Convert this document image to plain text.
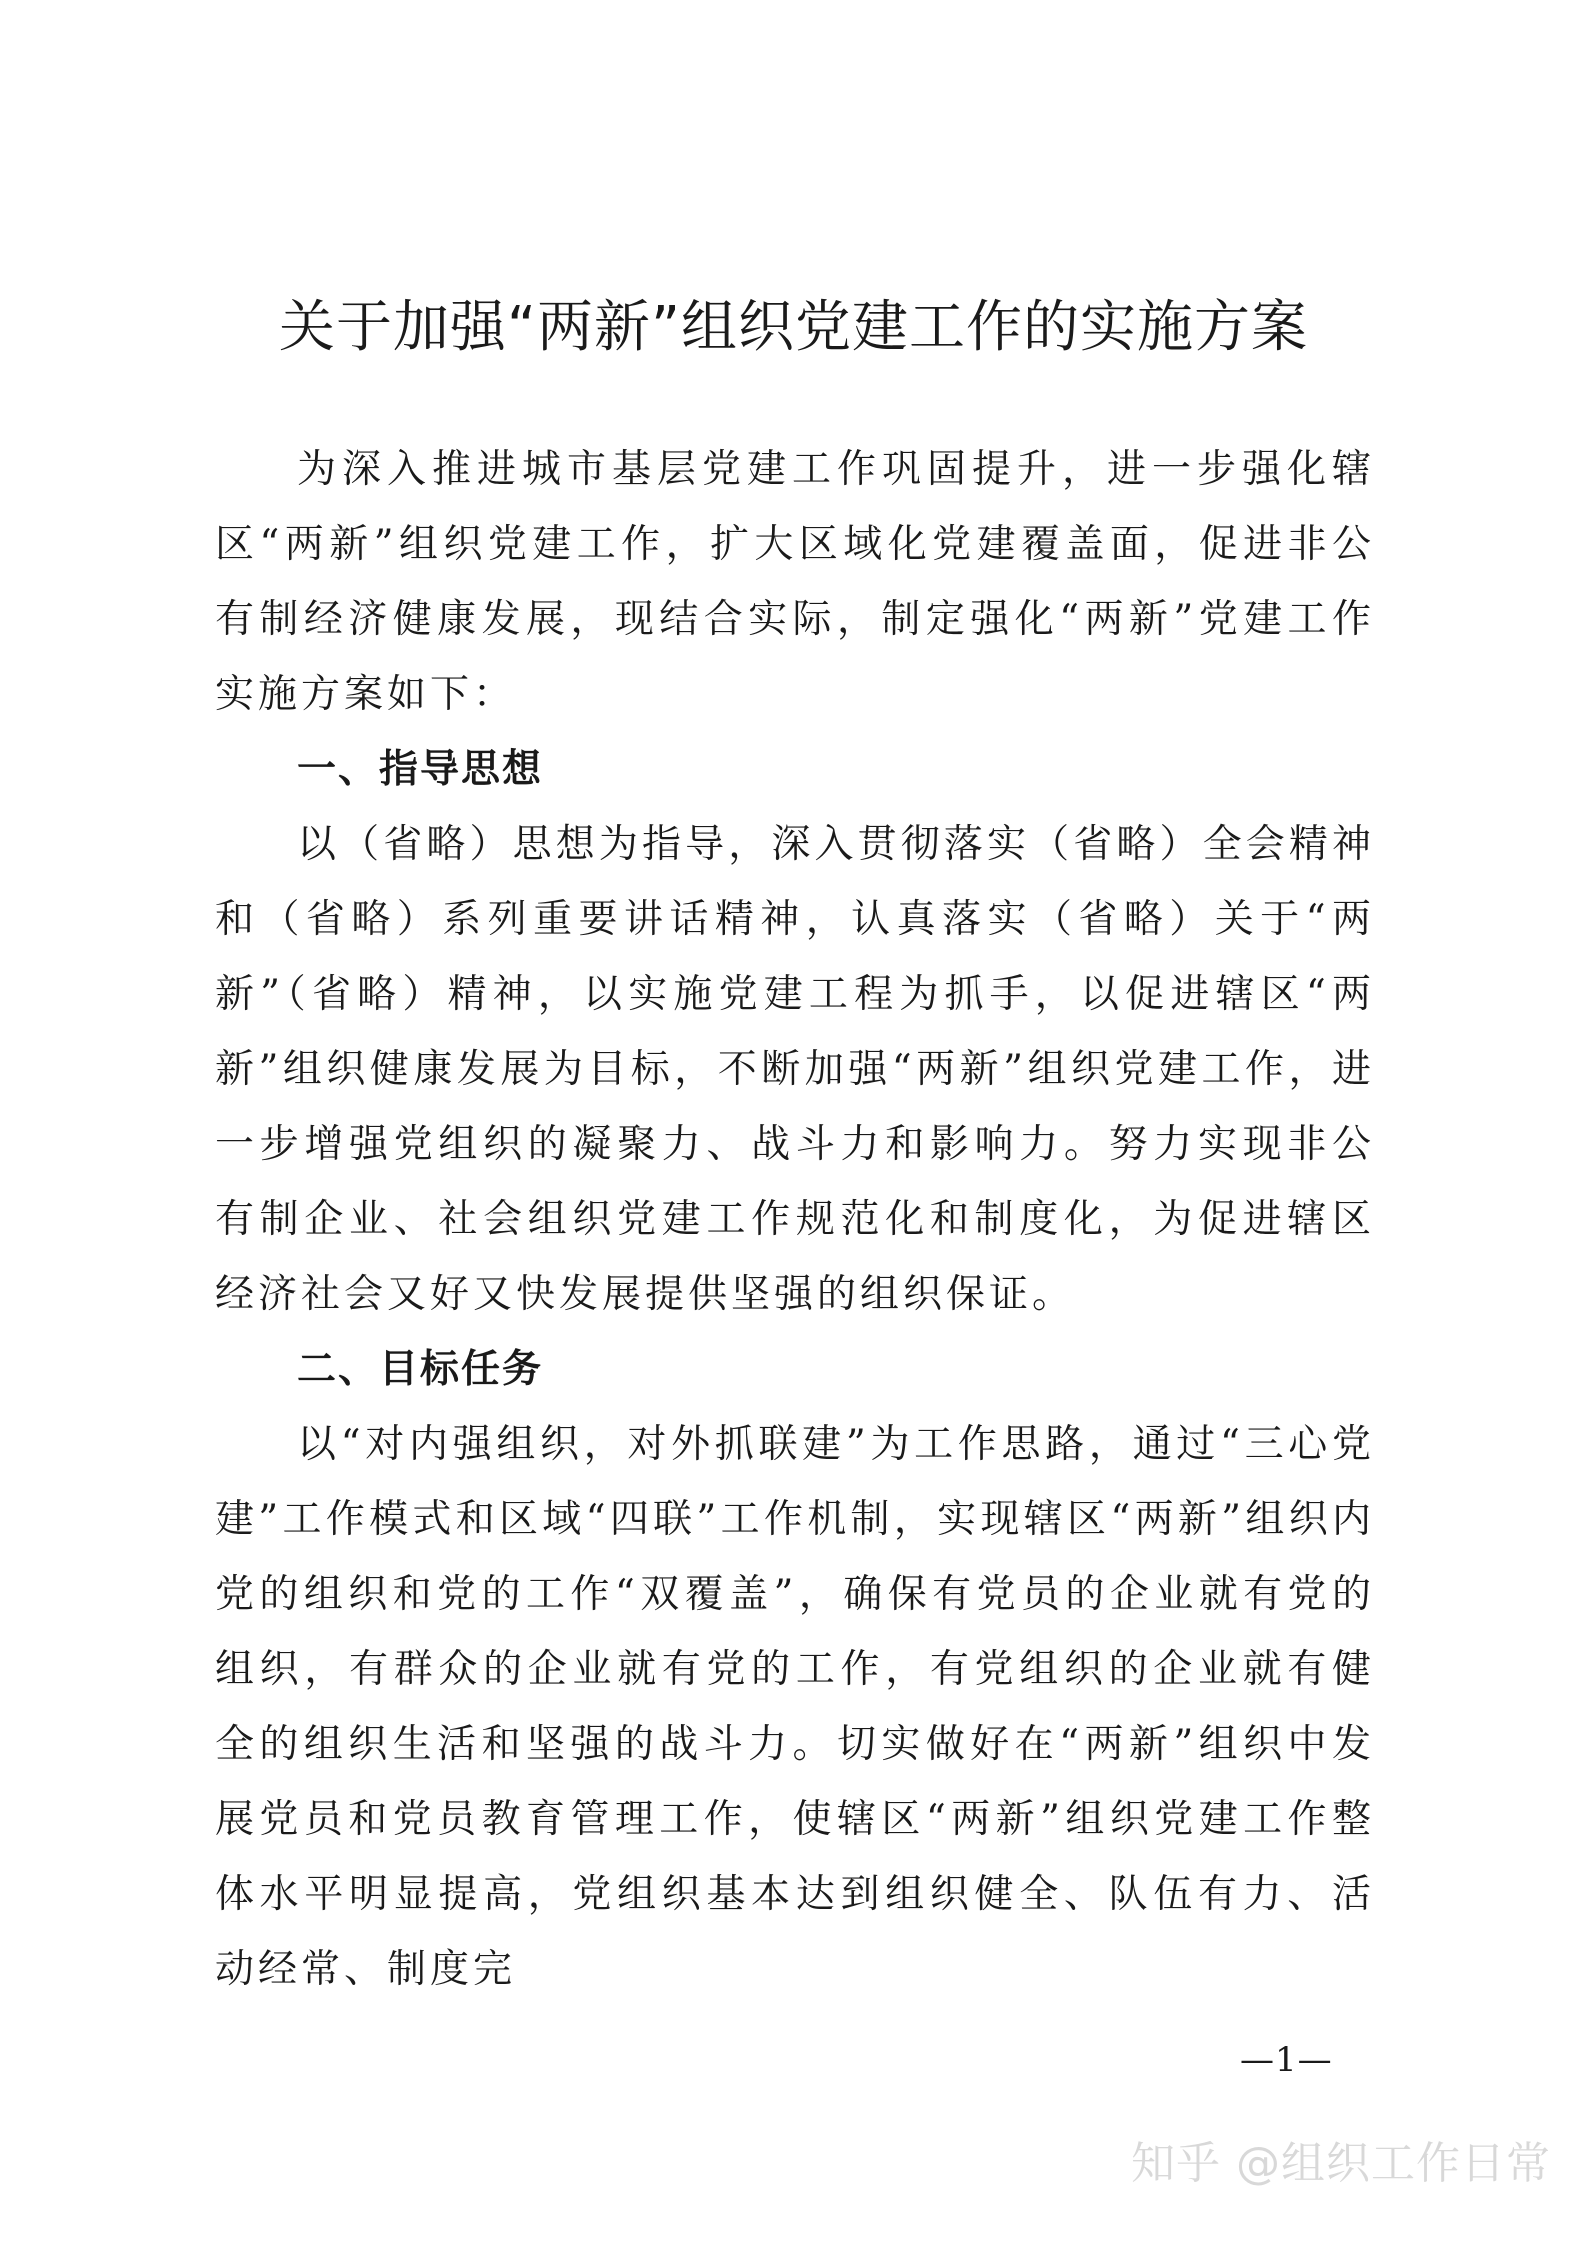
关于加强“两新”组织党建工作的实施方案

为深入推进城市基层党建工作巩固提升，进一步强化辖区“两新”组织党建工作，扩大区域化党建覆盖面，促进非公有制经济健康发展，现结合实际，制定强化“两新”党建工作实施方案如下：

一、指导思想

以（省略）思想为指导，深入贯彻落实（省略）全会精神和（省略）系列重要讲话精神，认真落实（省略）关于“两新”（省略）精神，以实施党建工程为抓手，以促进辖区“两新”组织健康发展为目标，不断加强“两新”组织党建工作，进一步增强党组织的凝聚力、战斗力和影响力。努力实现非公有制企业、社会组织党建工作规范化和制度化，为促进辖区经济社会又好又快发展提供坚强的组织保证。

二、目标任务

以“对内强组织，对外抓联建”为工作思路，通过“三心党建”工作模式和区域“四联”工作机制，实现辖区“两新”组织内党的组织和党的工作“双覆盖”，确保有党员的企业就有党的组织，有群众的企业就有党的工作，有党组织的企业就有健全的组织生活和坚强的战斗力。切实做好在“两新”组织中发展党员和党员教育管理工作，使辖区“两新”组织党建工作整体水平明显提高，党组织基本达到组织健全、队伍有力、活动经常、制度完

—1—
知乎 @组织工作日常
